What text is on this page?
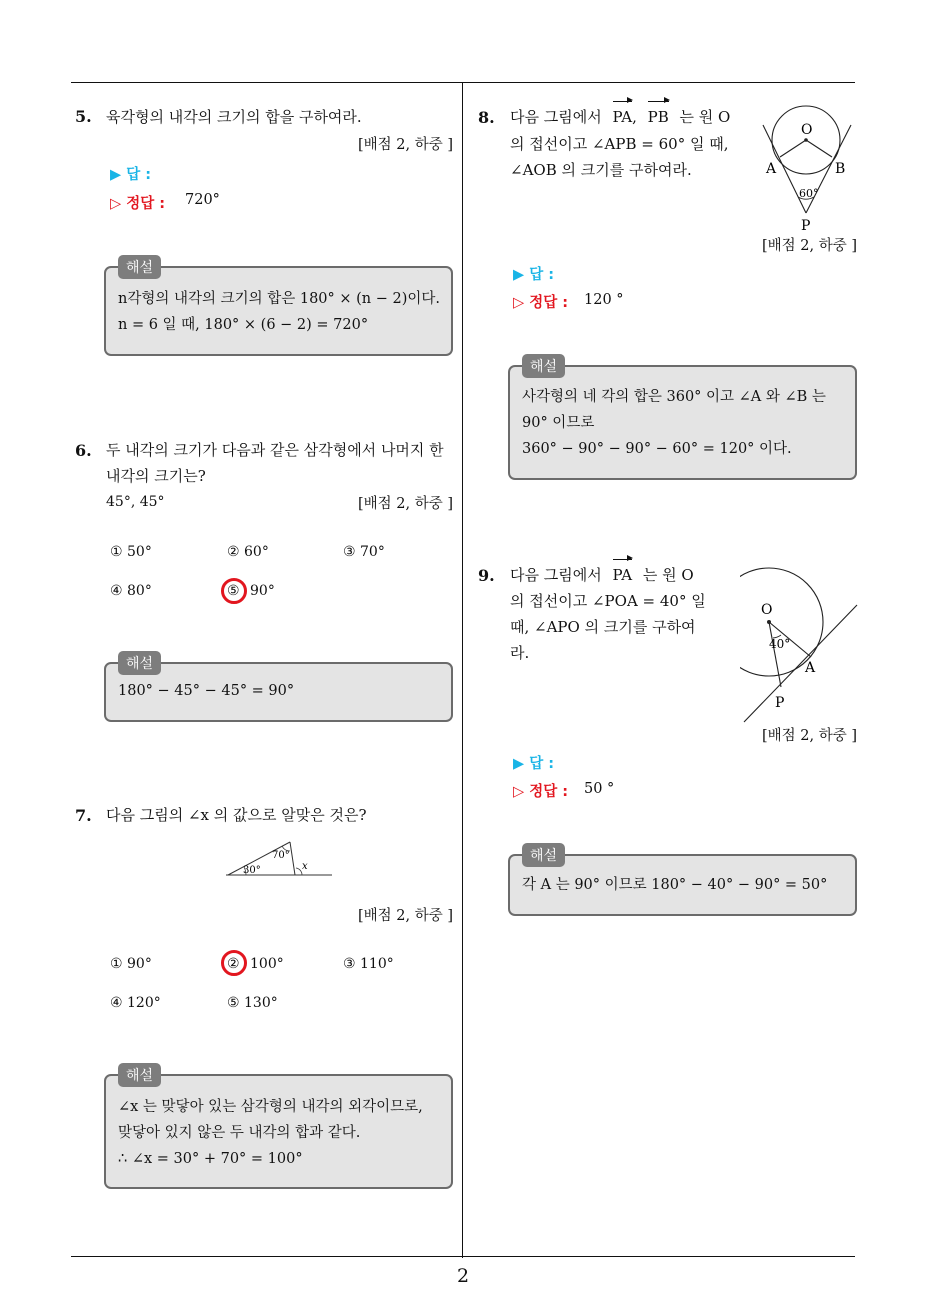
2
5. 육각형의 내각의 크기의 합을 구하여라.
[배점 2, 하중 ]
▶ 답 :
▷ 정답 : 720°
해설
n각형의 내각의 크기의 합은 180° × (n − 2)이다.
n = 6 일 때, 180° × (6 − 2) = 720°
6. 두 내각의 크기가 다음과 같은 삼각형에서 나머지 한
내각의 크기는?
45°, 45°	[배점 2, 하중 ]
① 50°	② 60°	③ 70°
④ 80°	⑤ 90°
해설
180° − 45° − 45° = 90°
7. 다음 그림의 ∠x 의 값으로 알맞은 것은?
30°
70°
x
[배점 2, 하중 ]
① 90°	② 100°	③ 110°
④ 120°	⑤ 130°
해설
∠x 는 맞닿아 있는 삼각형의 내각의 외각이므로,
맞닿아 있지 않은 두 내각의 합과 같다.
∴ ∠x = 30° + 70° = 100°
8. 다음 그림에서 PA, PB 는 원 O
의 접선이고 ∠APB = 60° 일 때,
∠AOB 의 크기를 구하여라.
O
A	B
60°
P
[배점 2, 하중 ]
▶ 답 :
▷ 정답 : 120 °
해설
사각형의 네 각의 합은 360° 이고 ∠A 와 ∠B 는
90° 이므로
360° − 90° − 90° − 60° = 120° 이다.
9. 다음 그림에서 PA 는 원 O
의 접선이고 ∠POA = 40° 일
때, ∠APO 의 크기를 구하여
라.
O
40°
A
P
[배점 2, 하중 ]
▶ 답 :
▷ 정답 : 50 °
해설
각 A 는 90° 이므로 180° − 40° − 90° = 50°
